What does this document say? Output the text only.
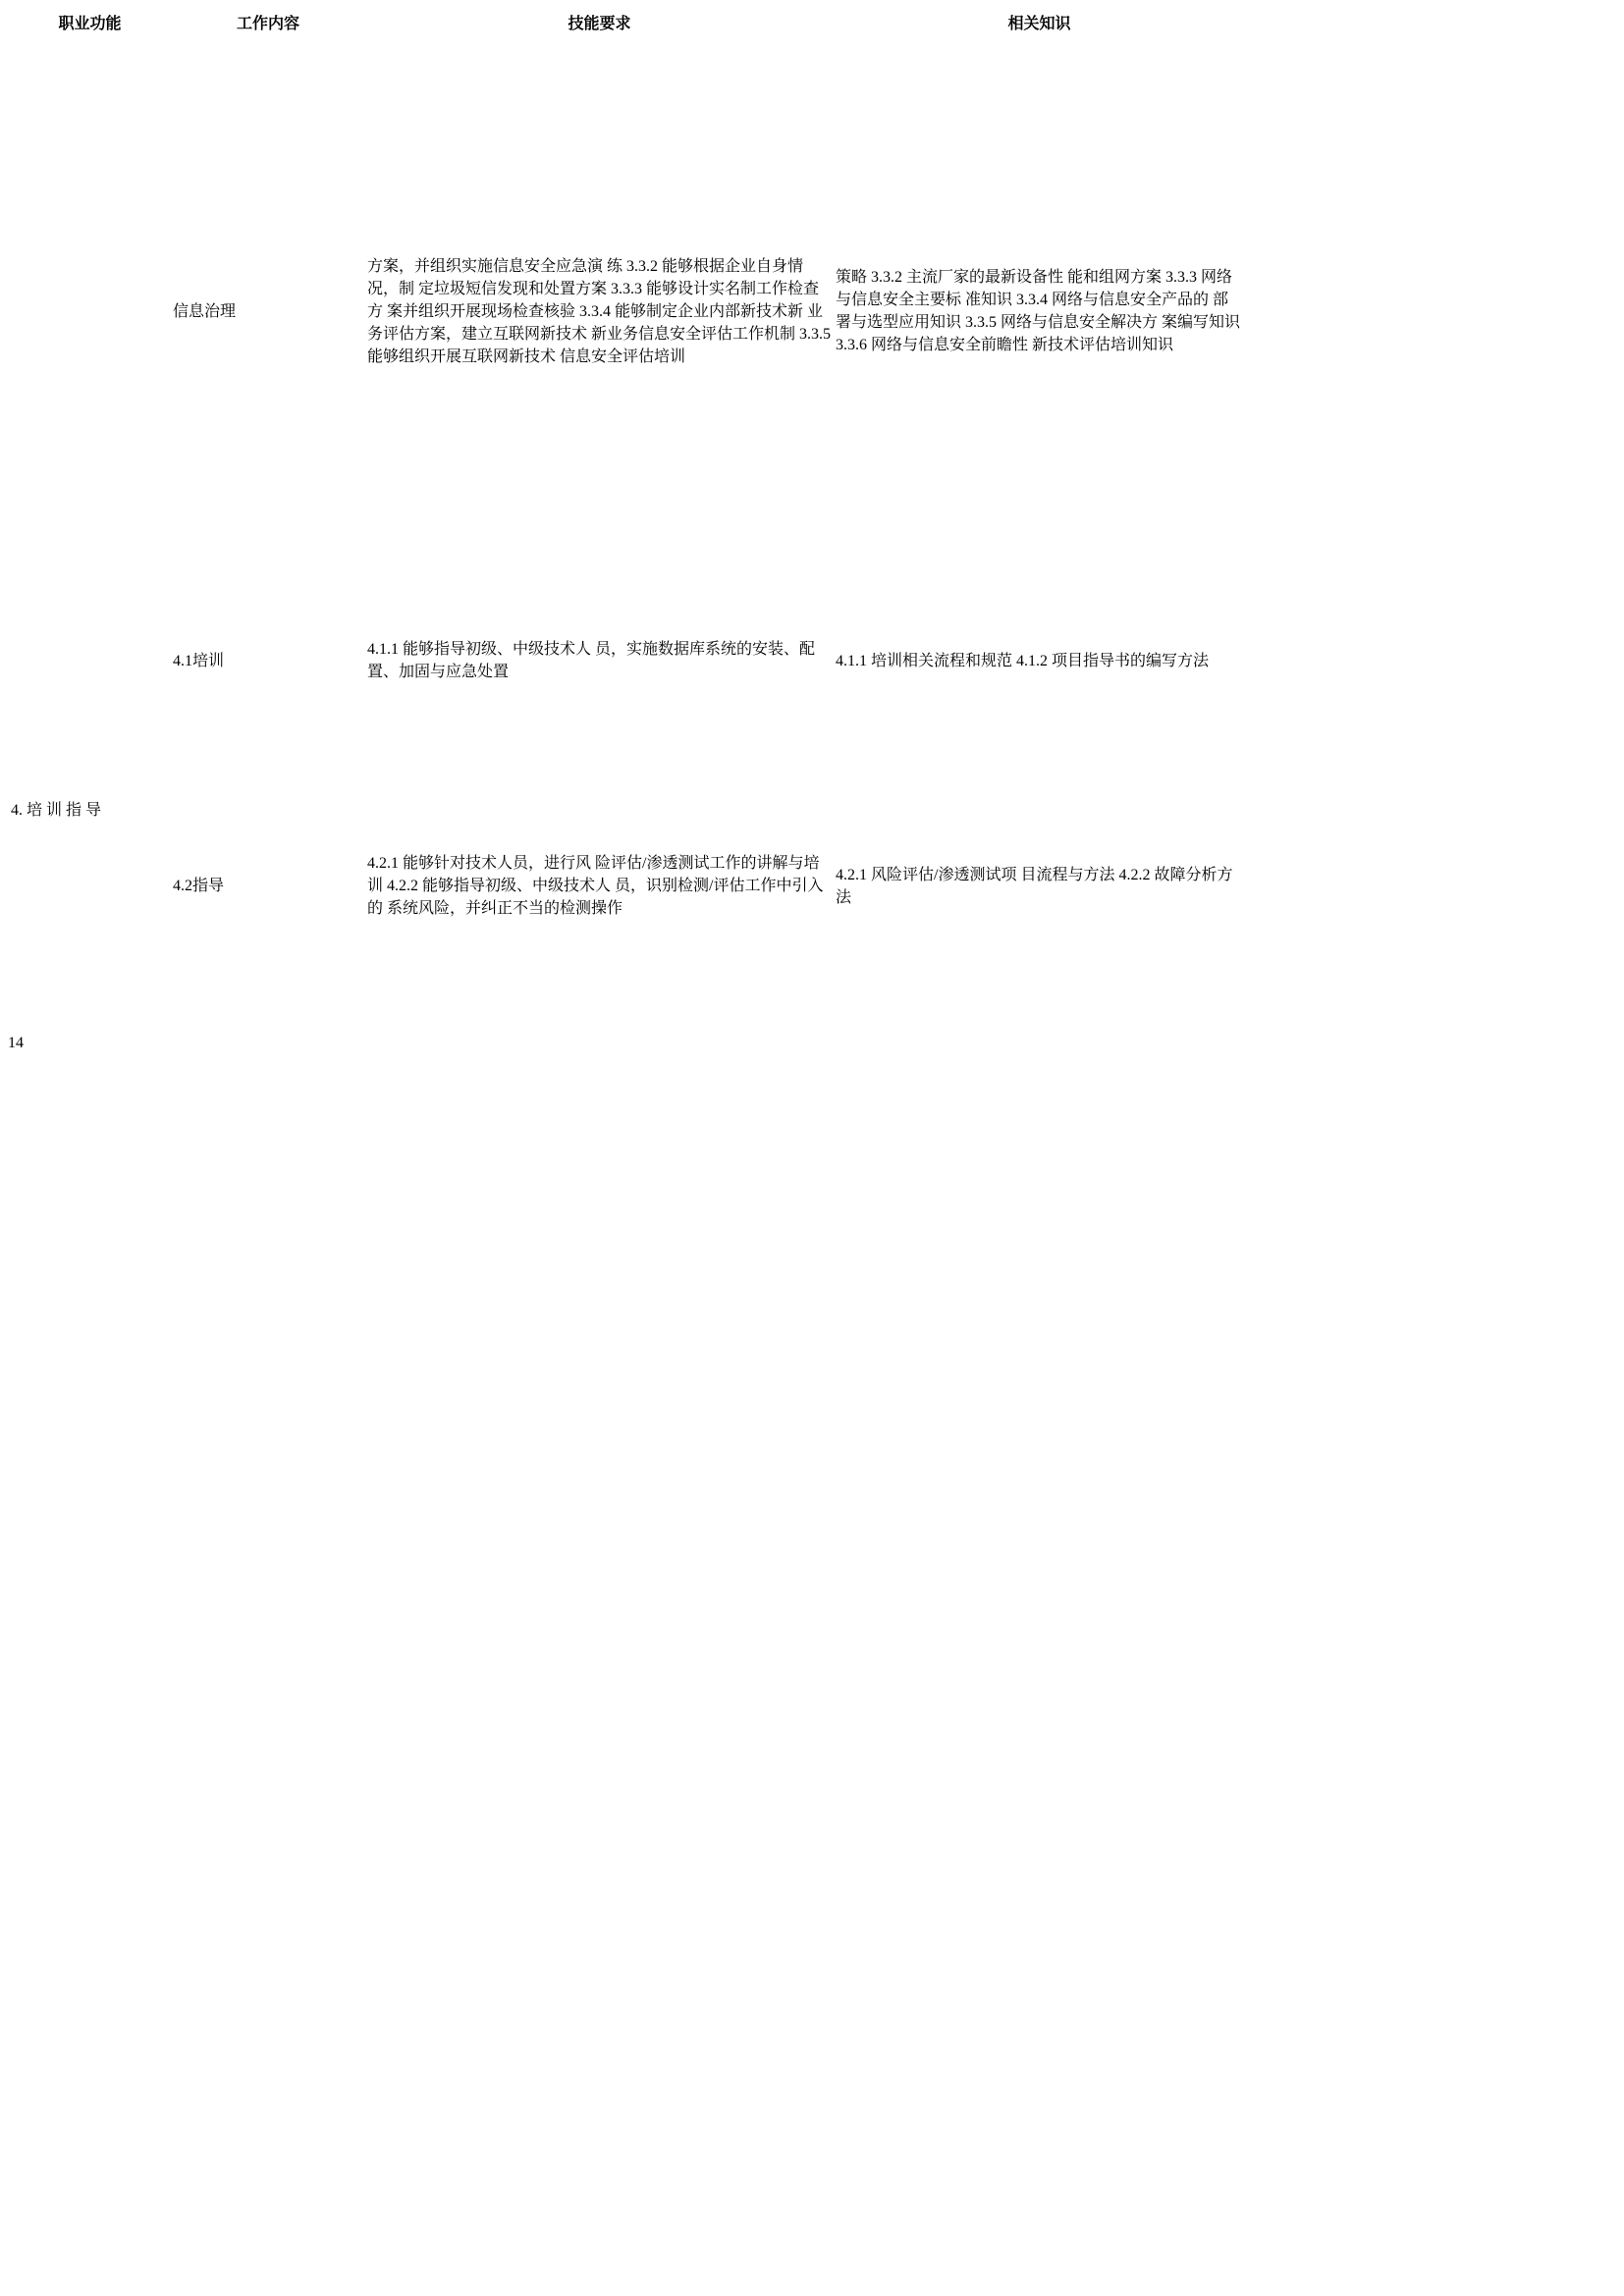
职业功能	工作内容	技能要求	相关知识
	信息治理	方案，并组织实施信息安全应急演 练 3.3.2 能够根据企业自身情况，制 定垃圾短信发现和处置方案 3.3.3 能够设计实名制工作检查方 案并组织开展现场检查核验 3.3.4 能够制定企业内部新技术新 业务评估方案，建立互联网新技术 新业务信息安全评估工作机制 3.3.5 能够组织开展互联网新技术 信息安全评估培训	策略 3.3.2 主流厂家的最新设备性 能和组网方案 3.3.3 网络与信息安全主要标 准知识 3.3.4 网络与信息安全产品的 部署与选型应用知识 3.3.5 网络与信息安全解决方 案编写知识 3.3.6 网络与信息安全前瞻性 新技术评估培训知识
4. 培 训 指 导	4.1培训	4.1.1 能够指导初级、中级技术人 员，实施数据库系统的安装、配 置、加固与应急处置	4.1.1 培训相关流程和规范 4.1.2 项目指导书的编写方法
	4.2指导	4.2.1 能够针对技术人员，进行风 险评估/渗透测试工作的讲解与培 训 4.2.2 能够指导初级、中级技术人 员，识别检测/评估工作中引入的 系统风险，并纠正不当的检测操作	4.2.1 风险评估/渗透测试项 目流程与方法 4.2.2 故障分析方法
14
